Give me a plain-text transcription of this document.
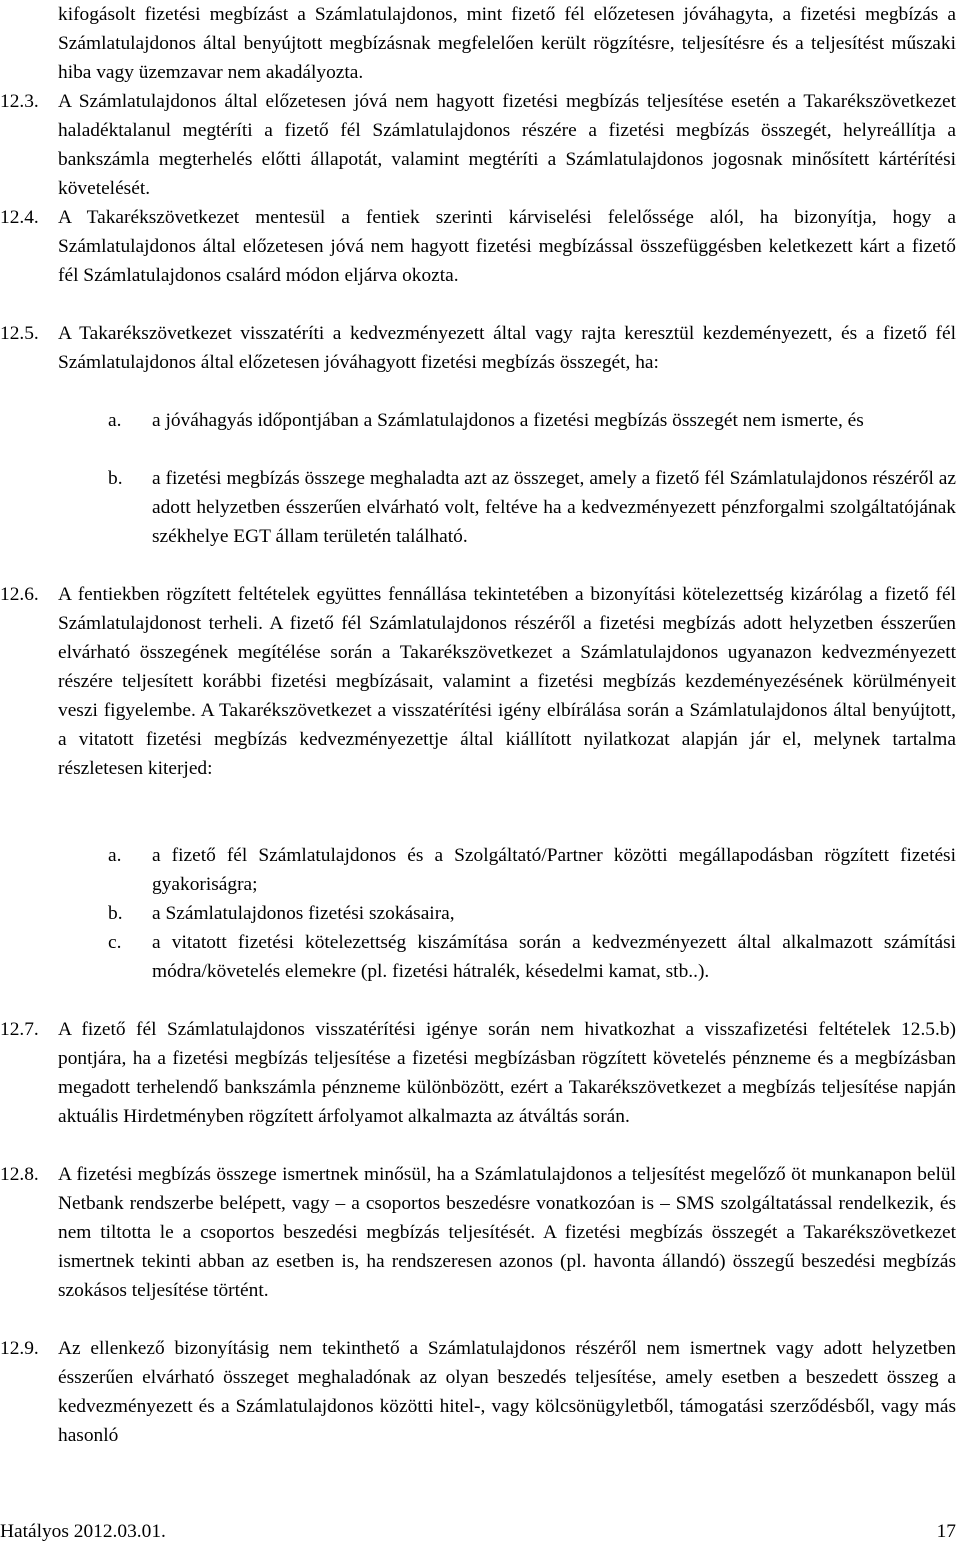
kifogásolt fizetési megbízást a Számlatulajdonos, mint fizető fél előzetesen jóváhagyta, a fizetési megbízás a Számlatulajdonos által benyújtott megbízásnak megfelelően került rögzítésre, teljesítésre és a teljesítést műszaki hiba vagy üzemzavar nem akadályozta.

12.3. A Számlatulajdonos által előzetesen jóvá nem hagyott fizetési megbízás teljesítése esetén a Takarékszövetkezet haladéktalanul megtéríti a fizető fél Számlatulajdonos részére a fizetési megbízás összegét, helyreállítja a bankszámla megterhelés előtti állapotát, valamint megtéríti a Számlatulajdonos jogosnak minősített kártérítési követelését.
12.4. A Takarékszövetkezet mentesül a fentiek szerinti kárviselési felelőssége alól, ha bizonyítja, hogy a Számlatulajdonos által előzetesen jóvá nem hagyott fizetési megbízással összefüggésben keletkezett kárt a fizető fél Számlatulajdonos csalárd módon eljárva okozta.
12.5. A Takarékszövetkezet visszatéríti a kedvezményezett által vagy rajta keresztül kezdeményezett, és a fizető fél Számlatulajdonos által előzetesen jóváhagyott fizetési megbízás összegét, ha:
a. a jóváhagyás időpontjában a Számlatulajdonos a fizetési megbízás összegét nem ismerte, és
b. a fizetési megbízás összege meghaladta azt az összeget, amely a fizető fél Számlatulajdonos részéről az adott helyzetben ésszerűen elvárható volt, feltéve ha a kedvezményezett pénzforgalmi szolgáltatójának székhelye EGT állam területén található.
12.6. A fentiekben rögzített feltételek együttes fennállása tekintetében a bizonyítási kötelezettség kizárólag a fizető fél Számlatulajdonost terheli. A fizető fél Számlatulajdonos részéről a fizetési megbízás adott helyzetben ésszerűen elvárható összegének megítélése során a Takarékszövetkezet a Számlatulajdonos ugyanazon kedvezményezett részére teljesített korábbi fizetési megbízásait, valamint a fizetési megbízás kezdeményezésének körülményeit veszi figyelembe. A Takarékszövetkezet a visszatérítési igény elbírálása során a Számlatulajdonos által benyújtott, a vitatott fizetési megbízás kedvezményezettje által kiállított nyilatkozat alapján jár el, melynek tartalma részletesen kiterjed:
a. a fizető fél Számlatulajdonos és a Szolgáltató/Partner közötti megállapodásban rögzített fizetési gyakoriságra;
b. a Számlatulajdonos fizetési szokásaira,
c. a vitatott fizetési kötelezettség kiszámítása során a kedvezményezett által alkalmazott számítási módra/követelés elemekre (pl. fizetési hátralék, késedelmi kamat, stb..).
12.7. A fizető fél Számlatulajdonos visszatérítési igénye során nem hivatkozhat a visszafizetési feltételek 12.5.b) pontjára, ha a fizetési megbízás teljesítése a fizetési megbízásban rögzített követelés pénzneme és a megbízásban megadott terhelendő bankszámla pénzneme különbözött, ezért a Takarékszövetkezet a megbízás teljesítése napján aktuális Hirdetményben rögzített árfolyamot alkalmazta az átváltás során.
12.8. A fizetési megbízás összege ismertnek minősül, ha a Számlatulajdonos a teljesítést megelőző öt munkanapon belül Netbank rendszerbe belépett, vagy – a csoportos beszedésre vonatkozóan is – SMS szolgáltatással rendelkezik, és nem tiltotta le a csoportos beszedési megbízás teljesítését. A fizetési megbízás összegét a Takarékszövetkezet ismertnek tekinti abban az esetben is, ha rendszeresen azonos (pl. havonta állandó) összegű beszedési megbízás szokásos teljesítése történt.
12.9. Az ellenkező bizonyításig nem tekinthető a Számlatulajdonos részéről nem ismertnek vagy adott helyzetben ésszerűen elvárható összeget meghaladónak az olyan beszedés teljesítése, amely esetben a beszedett összeg a kedvezményezett és a Számlatulajdonos közötti hitel-, vagy kölcsönügyletből, támogatási szerződésből, vagy más hasonló
Hatályos 2012.03.01.	17
